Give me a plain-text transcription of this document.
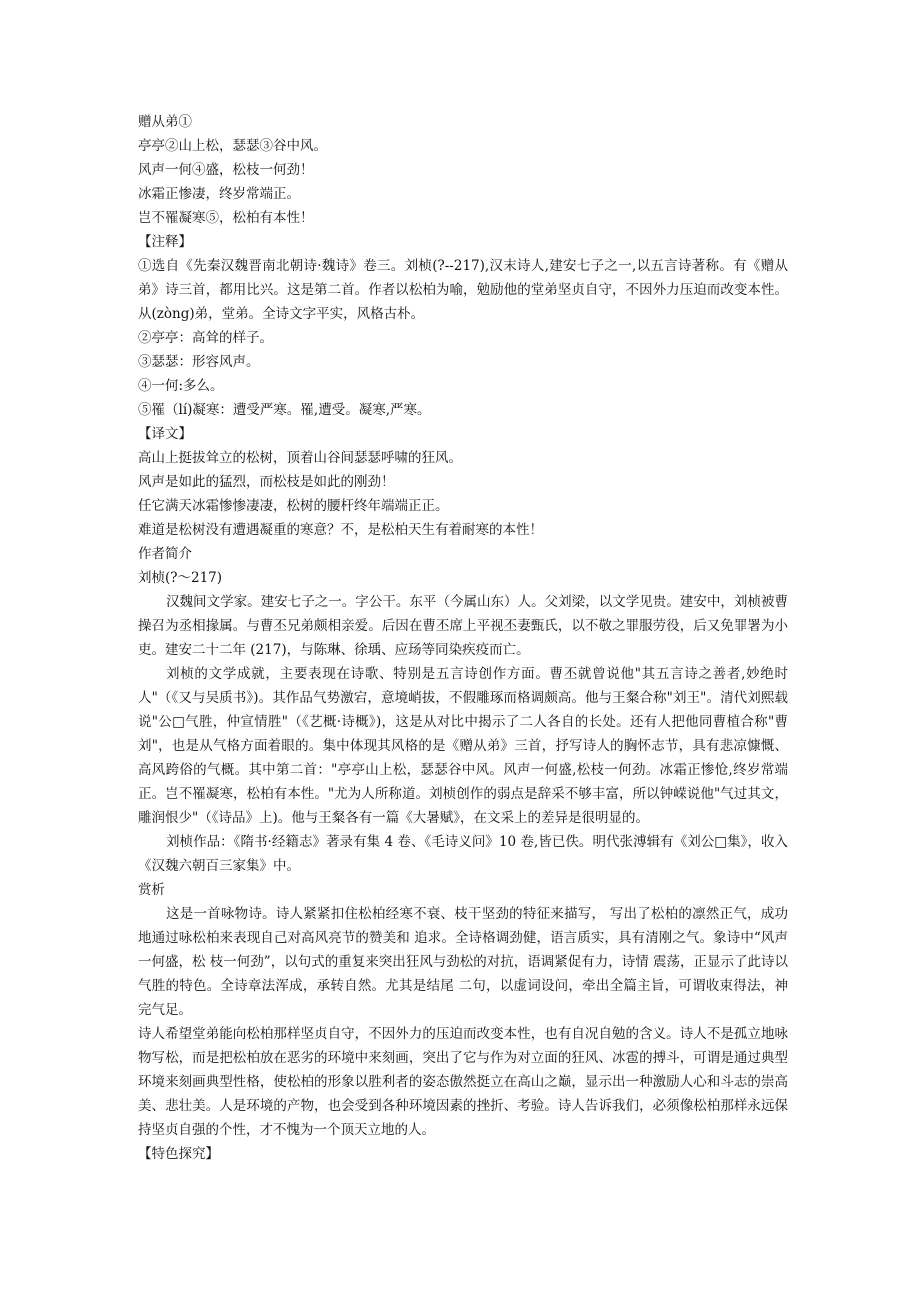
赠从弟①

亭亭②山上松，瑟瑟③谷中风。

风声一何④盛，松枝一何劲！

冰霜正惨凄，终岁常端正。

岂不罹凝寒⑤，松柏有本性！

【注释】

①选自《先秦汉魏晋南北朝诗·魏诗》卷三。刘桢(?--217),汉末诗人,建安七子之一,以五言诗著称。有《赠从弟》诗三首，都用比兴。这是第二首。作者以松柏为喻，勉励他的堂弟坚贞自守，不因外力压迫而改变本性。从(zòng)弟，堂弟。全诗文字平实，风格古朴。

②亭亭：高耸的样子。

③瑟瑟：形容风声。

④一何:多么。

⑤罹（lí)凝寒：遭受严寒。罹,遭受。凝寒,严寒。

【译文】

高山上挺拔耸立的松树，顶着山谷间瑟瑟呼啸的狂风。

风声是如此的猛烈，而松枝是如此的刚劲！

任它满天冰霜惨惨凄凄，松树的腰杆终年端端正正。

难道是松树没有遭遇凝重的寒意？不，是松柏天生有着耐寒的本性！

作者简介

刘桢(?～217)

汉魏间文学家。建安七子之一。字公干。东平（今属山东）人。父刘梁，以文学见贵。建安中，刘桢被曹操召为丞相掾属。与曹丕兄弟颇相亲爱。后因在曹丕席上平视丕妻甄氏，以不敬之罪服劳役，后又免罪署为小吏。建安二十二年 (217)，与陈琳、徐瑀、应玚等同染疾疫而亡。

刘桢的文学成就，主要表现在诗歌、特别是五言诗创作方面。曹丕就曾说他"其五言诗之善者,妙绝时人"（《又与吴质书》)。其作品气势激宕，意境峭拔，不假雕琢而格调颇高。他与王粲合称"刘王"。清代刘熙载说"公□气胜，仲宣情胜"（《艺概·诗概》)，这是从对比中揭示了二人各自的长处。还有人把他同曹植合称"曹刘"，也是从气格方面着眼的。集中体现其风格的是《赠从弟》三首，抒写诗人的胸怀志节，具有悲凉慷慨、高风跨俗的气概。其中第二首："亭亭山上松，瑟瑟谷中风。风声一何盛,松枝一何劲。冰霜正惨怆,终岁常端正。岂不罹凝寒，松柏有本性。"尤为人所称道。刘桢创作的弱点是辞采不够丰富，所以钟嵘说他"气过其文，雕润恨少"（《诗品》上)。他与王粲各有一篇《大暑赋》，在文采上的差异是很明显的。

刘桢作品：《隋书·经籍志》著录有集 4 卷、《毛诗义问》10 卷,皆已佚。明代张溥辑有《刘公□集》，收入《汉魏六朝百三家集》中。

赏析

这是一首咏物诗。诗人紧紧扣住松柏经寒不衰、枝干坚劲的特征来描写， 写出了松柏的凛然正气，成功地通过咏松柏来表现自己对高风亮节的赞美和 追求。全诗格调劲健，语言质实，具有清刚之气。象诗中“风声一何盛，松 枝一何劲”，以句式的重复来突出狂风与劲松的对抗，语调紧促有力，诗情 震荡，正显示了此诗以气胜的特色。全诗章法浑成，承转自然。尤其是结尾 二句，以虚词设问，牵出全篇主旨，可谓收束得法，神完气足。

诗人希望堂弟能向松柏那样坚贞自守，不因外力的压迫而改变本性，也有自况自勉的含义。诗人不是孤立地咏物写松，而是把松柏放在恶劣的环境中来刻画，突出了它与作为对立面的狂风、冰雹的搏斗，可谓是通过典型环境来刻画典型性格，使松柏的形象以胜利者的姿态傲然挺立在高山之巅，显示出一种激励人心和斗志的崇高美、悲壮美。人是环境的产物，也会受到各种环境因素的挫折、考验。诗人告诉我们，必须像松柏那样永远保持坚贞自强的个性，才不愧为一个顶天立地的人。

【特色探究】
